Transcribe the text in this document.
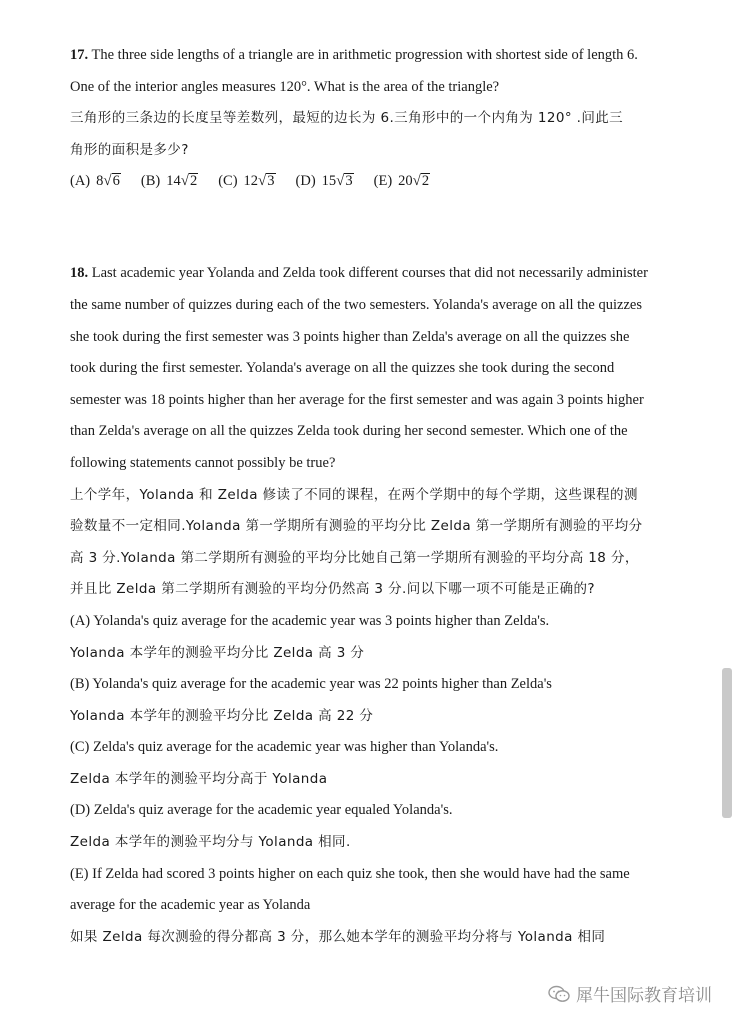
17. The three side lengths of a triangle are in arithmetic progression with shortest side of length 6.
One of the interior angles measures 120°. What is the area of the triangle?
三角形的三条边的长度呈等差数列，最短的边长为 6.三角形中的一个内角为 120° .问此三
角形的面积是多少?
(A) 8 √ 6 (B) 14 √ 2 (C) 12 √ 3 (D) 15 √ 3 (E) 20 √ 2
18. Last academic year Yolanda and Zelda took different courses that did not necessarily administer
the same number of quizzes during each of the two semesters. Yolanda's average on all the quizzes
she took during the first semester was 3 points higher than Zelda's average on all the quizzes she
took during the first semester. Yolanda's average on all the quizzes she took during the second
semester was 18 points higher than her average for the first semester and was again 3 points higher
than Zelda's average on all the quizzes Zelda took during her second semester. Which one of the
following statements cannot possibly be true?
上个学年，Yolanda 和 Zelda 修读了不同的课程，在两个学期中的每个学期，这些课程的测
验数量不一定相同.Yolanda 第一学期所有测验的平均分比 Zelda 第一学期所有测验的平均分
高 3 分.Yolanda 第二学期所有测验的平均分比她自己第一学期所有测验的平均分高 18 分，
并且比 Zelda 第二学期所有测验的平均分仍然高 3 分.问以下哪一项不可能是正确的?
(A) Yolanda's quiz average for the academic year was 3 points higher than Zelda's.
Yolanda 本学年的测验平均分比 Zelda 高 3 分
(B) Yolanda's quiz average for the academic year was 22 points higher than Zelda's
Yolanda 本学年的测验平均分比 Zelda 高 22 分
(C) Zelda's quiz average for the academic year was higher than Yolanda's.
Zelda 本学年的测验平均分高于 Yolanda
(D) Zelda's quiz average for the academic year equaled Yolanda's.
Zelda 本学年的测验平均分与 Yolanda 相同.
(E) If Zelda had scored 3 points higher on each quiz she took, then she would have had the same
average for the academic year as Yolanda
如果 Zelda 每次测验的得分都高 3 分，那么她本学年的测验平均分将与 Yolanda 相同
犀牛国际教育培训
